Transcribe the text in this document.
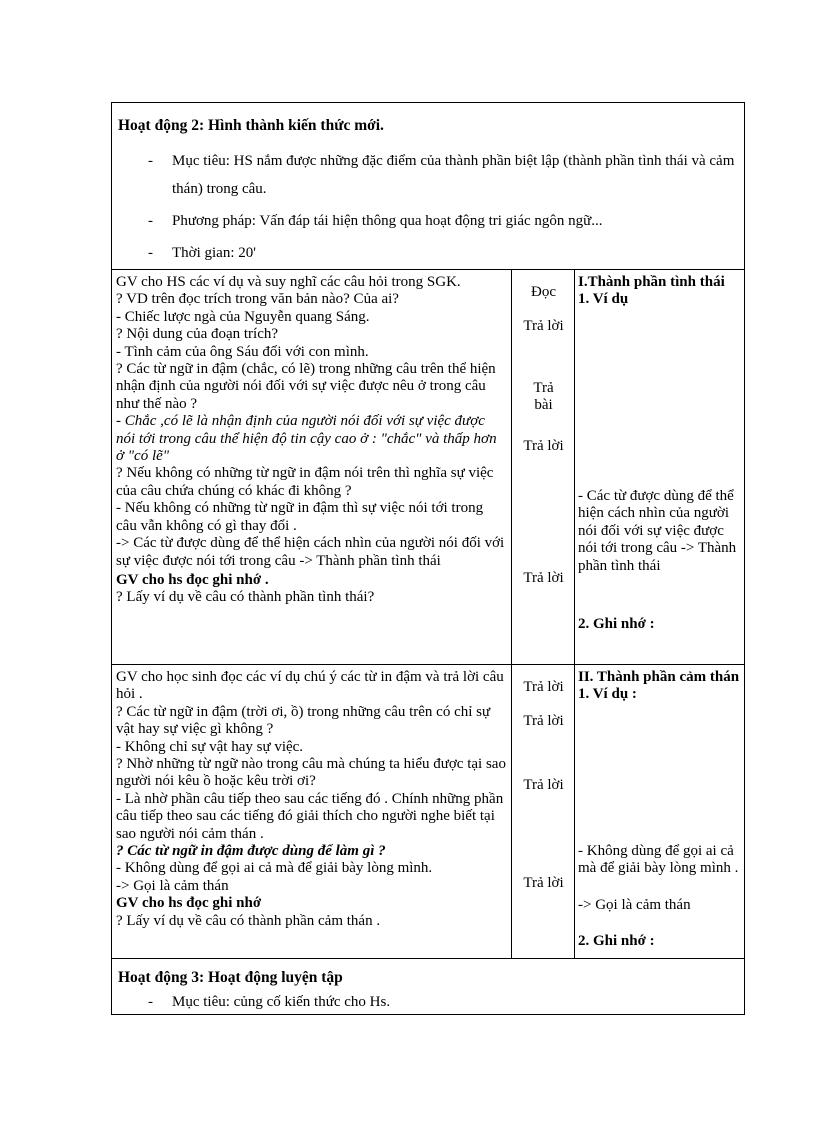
Hoạt động 2: Hình thành kiến thức mới.
- Mục tiêu: HS nắm được những đặc điểm của thành phần biệt lập (thành phần tình thái và cảm thán) trong câu.
- Phương pháp: Vấn đáp tái hiện thông qua hoạt động tri giác ngôn ngữ...
- Thời gian: 20'
GV cho HS các ví dụ và suy nghĩ các câu hỏi trong SGK.
? VD trên đọc trích trong văn bản nào? Của ai?
- Chiếc lược ngà của Nguyễn quang Sáng.
? Nội dung của đoạn trích?
- Tình cảm của ông Sáu đối với con mình.
? Các từ ngữ in đậm (chắc, có lẽ) trong những câu trên thể hiện nhận định của người nói đối với sự việc được nêu ở trong câu như thế nào ?
- Chắc ,có lẽ là nhận định của người nói đối với sự việc được nói tới trong câu thể hiện độ tin cậy cao ở : "chắc" và thấp hơn ở "có lẽ"
? Nếu không có những từ ngữ in đậm nói trên thì nghĩa sự việc của câu chứa chúng có khác đi không ?
- Nếu không có những từ ngữ in đậm thì sự việc nói tới trong câu vẫn không có gì thay đổi .
-> Các từ được dùng để thể hiện cách nhìn của người nói đối với sự việc được nói tới trong câu -> Thành phần tình thái
GV cho hs đọc ghi nhớ .
? Lấy ví dụ về câu có thành phần tình thái?
Đọc
Trả lời
Trả bài
Trả lời
Trả lời
I.Thành phần tình thái
1. Ví dụ
- Các từ được dùng để thể hiện cách nhìn của người nói đối với sự việc được nói tới trong câu -> Thành phần tình thái
2. Ghi nhớ :
GV cho học sinh đọc các ví dụ chú ý các từ in đậm và trả lời câu hỏi .
? Các từ ngữ in đậm (trời ơi, ồ) trong những câu trên có chỉ sự vật hay sự việc gì không ?
- Không chỉ sự vật hay sự việc.
? Nhờ những từ ngữ nào trong câu mà chúng ta hiểu được tại sao người nói kêu ồ hoặc kêu trời ơi?
- Là nhờ phần câu tiếp theo sau các tiếng đó . Chính những phần câu tiếp theo sau các tiếng đó giải thích cho người nghe biết tại sao người nói cảm thán .
? Các từ ngữ in đậm được dùng để làm gì ?
- Không dùng để gọi ai cả mà để giải bày lòng mình.
-> Gọi là cảm thán
GV cho hs đọc ghi nhớ
? Lấy ví dụ về câu có thành phần cảm thán .
Trả lời
Trả lời
Trả lời
Trả lời
II. Thành phần cảm thán
1. Ví dụ :
- Không dùng để gọi ai cả mà để giải bày lòng mình .
-> Gọi là cảm thán
2. Ghi nhớ :
Hoạt động 3: Hoạt động luyện tập
- Mục tiêu: củng cố kiến thức cho Hs.
